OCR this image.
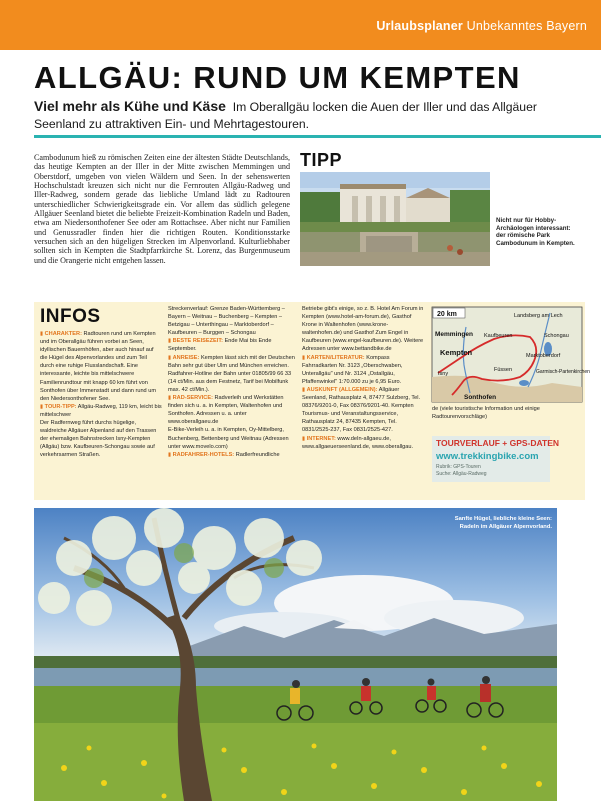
Urlaubsplaner Unbekanntes Bayern
ALLGÄU: RUND UM KEMPTEN
Viel mehr als Kühe und Käse Im Oberallgäu locken die Auen der Iller und das Allgäuer Seenland zu attraktiven Ein- und Mehrtagestouren.
Cambodunum hieß zu römischen Zeiten eine der ältesten Städte Deutschlands, das heutige Kempten an der Iller in der Mitte zwischen Memmingen und Oberstdorf, umgeben von vielen Wäldern und Seen. In der sehenswerten Hochschulstadt kreuzen sich nicht nur die Fernrouten Allgäu-Radweg und Iller-Radweg, sondern gerade das liebliche Umland lädt zu Radtouren unterschiedlicher Schwierigkeitsgrade ein. Vor allem das südlich gelegene Allgäuer Seenland bietet die beliebte Freizeit-Kombination Radeln und Baden, etwa am Niedersonthofener See oder am Rottachsee. Aber nicht nur Familien und Genussradler finden hier die richtigen Routen. Konditionsstarke versuchen sich an den hügeligen Strecken im Alpenvorland. Kulturliebhaber sollten sich in Kempten die Stadtpfarrkirche St. Lorenz, das Burgenmuseum und die Orangerie nicht entgehen lassen.
TIPP
Nicht nur für Hobby-Archäologen interessant: der römische Park Cambodunum in Kempten.
INFOS
▮ CHARAKTER: Radtouren rund um Kempten und im Oberallgäu führen vorbei an Seen, idyllischen Bauernhöfen, aber auch hinauf auf die Hügel des Alpenvorlandes und zum Teil durch eine ruhige Flusslandschaft. Eine interessante, leichte bis mittelschwere Familienrundtour mit knapp 60 km führt von Sonthofen über Immenstadt und dann rund um den Niedersonthofener See.
▮ TOUR-TIPP: Allgäu-Radweg, 119 km, leicht bis mittelschwer
Der Radfernweg führt durchs hügelige, waldreiche Allgäuer Alpenland auf den Trassen der ehemaligen Bahnstrecken Isny-Kempten (Allgäu) bzw. Kaufbeuren-Schongau sowie auf verkehrsarmen Straßen.
Streckenverlauf: Grenze Baden-Württemberg – Bayern – Weitnau – Buchenberg – Kempten – Betzigau – Unterthingau – Marktoberdorf – Kaufbeuren – Burggen – Schongau
▮ BESTE REISEZEIT: Ende Mai bis Ende September.
▮ ANREISE: Kempten lässt sich mit der Deutschen Bahn sehr gut über Ulm und München erreichen.
Radfahrer-Hotline der Bahn unter 01805/99 66 33 (14 ct/Min. aus dem Festnetz, Tarif bei Mobilfunk max. 42 ct/Min.).
▮ RAD-SERVICE: Radverleih und Werkstätten finden sich u. a. in Kempten, Waltenhofen und Sonthofen. Adressen u. a. unter www.oberallgaeu.de
E-Bike-Verleih u. a. in Kempten, Oy-Mittelberg, Buchenberg, Bettenberg und Weitnau (Adressen unter www.movelo.com)
▮ RADFAHRER-HOTELS: Radlerfreundliche
Betriebe gibt's einige, so z. B. Hotel Am Forum in Kempten (www.hotel-am-forum.de), Gasthof Krone in Waltenhofen (www.krone-waltenhofen.de) und Gasthof Zum Engel in Kaufbeuren (www.engel-kaufbeuren.de). Weitere Adressen unter www.bettandbike.de
▮ KARTEN/LITERATUR: Kompass Fahrradkarten Nr. 3123 „Oberschwaben, Unterallgäu" und Nr. 3124 „Ostallgäu, Pfaffenwinkel" 1:70.000 zu je 6,95 Euro.
▮ AUSKUNFT (ALLGEMEIN): Allgäuer Seenland, Rathausplatz 4, 87477 Sulzberg, Tel. 08376/9201-0, Fax 08376/9201-40. Kempten Tourismus- und Veranstaltungsservice, Rathausplatz 24, 87435 Kempten, Tel. 0831/2525-237, Fax 0831/2525-427.
▮ INTERNET: www.deIn-allgaeu.de, www.allgaeuerseenland.de, www.oberallgau.
20 km	Landsberg am Lech
Memmingen Kaufbeuren	Schongau
Kempten	Marktoberdorf
Isny
Füssen	Garmisch-Partenkirchen
Sonthofen
de (viele touristische Information und einige Radtourenvorschläge)
TOURVERLAUF + GPS-DATEN
www.trekkingbike.com
Rubrik: GPS-Touren
Suche: Allgäu-Radweg
Sanfte Hügel, liebliche kleine Seen: Radeln im Allgäuer Alpenvorland.
